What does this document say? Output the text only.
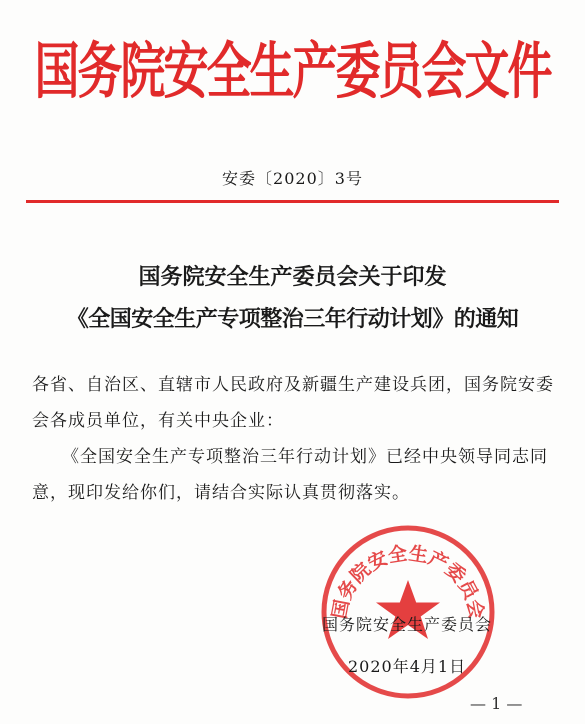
国务院安全生产委员会文件
安委〔2020〕3号
国务院安全生产委员会关于印发
《全国安全生产专项整治三年行动计划》的通知
各省、自治区、直辖市人民政府及新疆生产建设兵团，国务院安委
会各成员单位，有关中央企业：
《全国安全生产专项整治三年行动计划》已经中央领导同志同
意，现印发给你们，请结合实际认真贯彻落实。
国务院安全生产委员会
国务院安全生产委员会
2020年4月1日
— 1 —
